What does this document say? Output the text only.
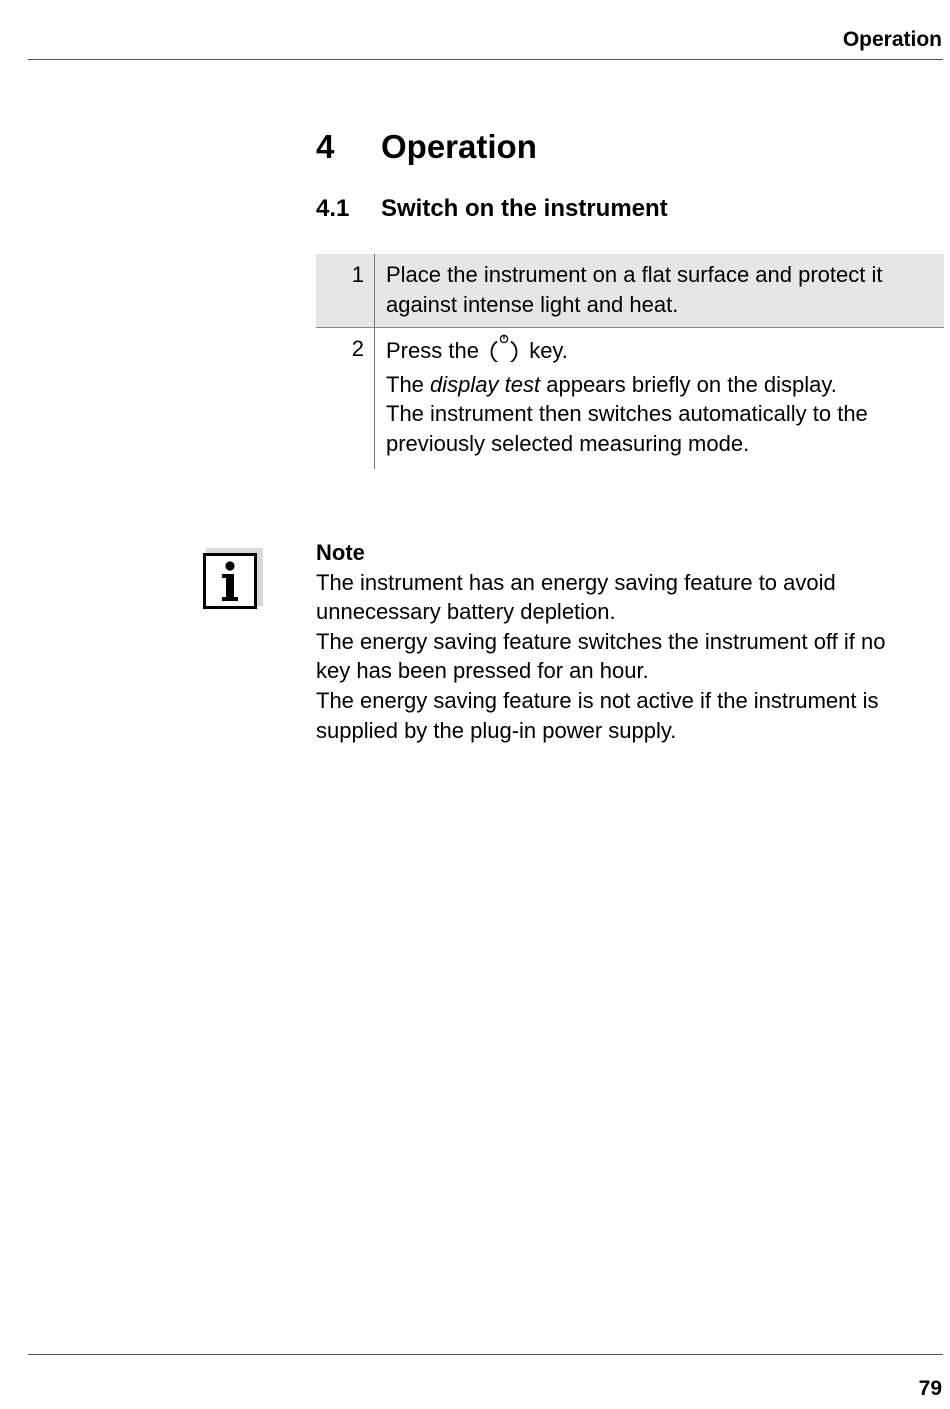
Operation
4 Operation
4.1 Switch on the instrument
1	Place the instrument on a flat surface and protect it
against intense light and heat.

2	Press the key.
The display test appears briefly on the display.
The instrument then switches automatically to the
previously selected measuring mode.
Note
The instrument has an energy saving feature to avoid
unnecessary battery depletion.
The energy saving feature switches the instrument off if no
key has been pressed for an hour.
The energy saving feature is not active if the instrument is
supplied by the plug-in power supply.
79
